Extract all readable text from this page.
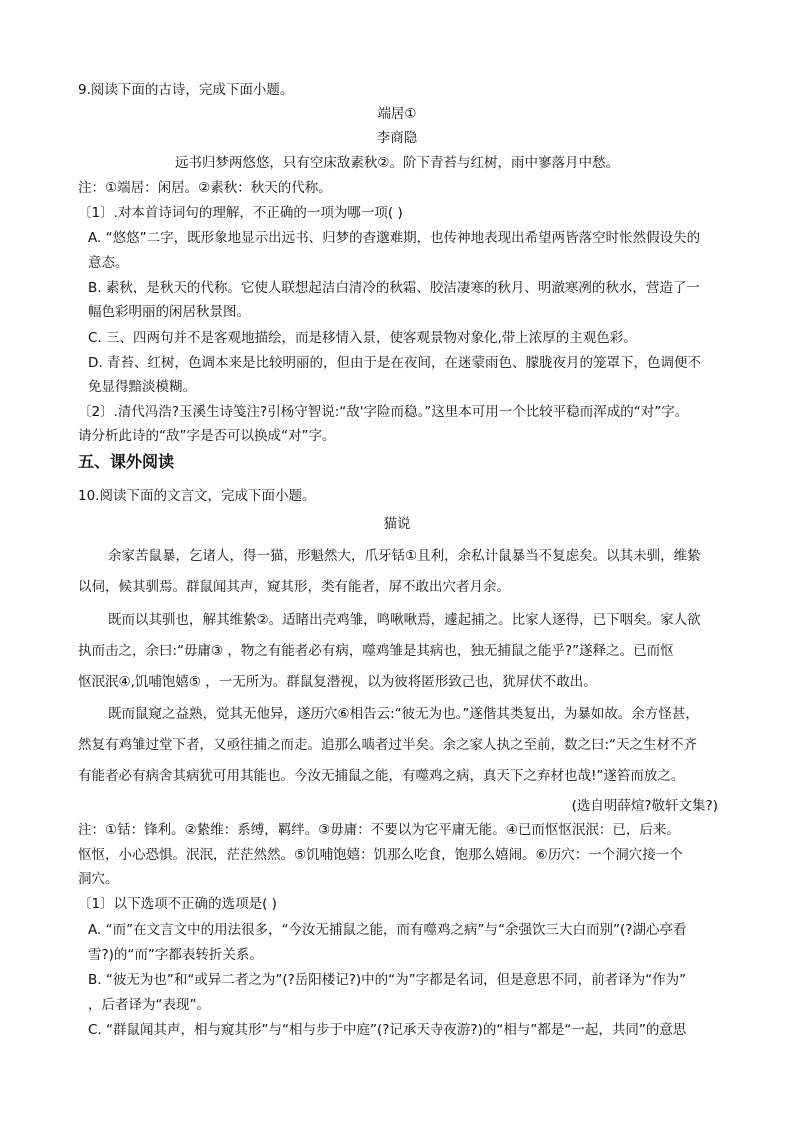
9.阅读下面的古诗，完成下面小题。
端居①
李商隐
远书归梦两悠悠，只有空床敌素秋②。阶下青苔与红树，雨中寥落月中愁。
注：①端居：闲居。②素秋：秋天的代称。
〔1〕.对本首诗词句的理解，不正确的一项为哪一项( )
A. “悠悠”二字，既形象地显示出远书、归梦的杳邈难期，也传神地表现出希望两皆落空时怅然假设失的
意态。
B. 素秋，是秋天的代称。它使人联想起洁白清冷的秋霜、胶洁凄寒的秋月、明澈寒冽的秋水，营造了一
幅色彩明丽的闲居秋景图。
C. 三、四两句并不是客观地描绘，而是移情入景，使客观景物对象化,带上浓厚的主观色彩。
D. 青苔、红树，色调本来是比较明丽的，但由于是在夜间，在迷蒙雨色、朦胧夜月的笼罩下，色调便不
免显得黯淡模糊。
〔2〕.清代冯浩?玉溪生诗笺注?引杨守智说:“敌'字险而稳。”这里本可用一个比较平稳而浑成的“对”字。
请分析此诗的“敌”字是否可以换成“对”字。
五、课外阅读
10.阅读下面的文言文，完成下面小题。
猫说
余家苦鼠暴，乞诸人，得一猫，形魁然大，爪牙铦①且利，余私计鼠暴当不复虑矣。以其未驯，维絷
以伺，候其驯焉。群鼠闻其声，窥其形，类有能者，屏不敢出穴者月余。
既而以其驯也，解其维絷②。适睹出壳鸡雏，鸣啾啾焉，遽起捕之。比家人逐得，已下咽矣。家人欲
执而击之，余曰:“毋庸③ ，物之有能者必有病，噬鸡雏是其病也，独无捕鼠之能乎?”遂释之。已而怄
怄泯泯④,饥哺饱嬉⑤ ，一无所为。群鼠复潜视，以为彼将匿形致己也，犹屏伏不敢出。
既而鼠窥之益熟，觉其无他异，遂历穴⑥相告云:“彼无为也。”遂偕其类复出，为暴如故。余方怪甚，
然复有鸡雏过堂下者，又亟往捕之而走。追那么啮者过半矣。余之家人执之至前，数之曰:“天之生材不齐
有能者必有病舍其病犹可用其能也。今汝无捕鼠之能，有噬鸡之病，真天下之弃材也哉!”遂笞而放之。
(选自明薛煊?敬轩文集?)
注：①铦：锋利。②絷维：系缚，羁绊。③毋庸：不要以为它平庸无能。④已而怄怄泯泯：已，后来。
怄怄，小心恐惧。泯泯，茫茫然然。⑤饥哺饱嬉：饥那么吃食，饱那么嬉闹。⑥历穴：一个洞穴接一个
洞穴。
〔1〕以下选项不正确的选项是( )
A. “而”在文言文中的用法很多，“今汝无捕鼠之能，而有噬鸡之病”与“余强饮三大白而别”(?湖心亭看
雪?)的“而”字都表转折关系。
B. “彼无为也”和“或异二者之为”(?岳阳楼记?)中的“为”字都是名词，但是意思不同，前者译为“作为”
，后者译为“表现”。
C. “群鼠闻其声，相与窥其形”与“相与步于中庭”(?记承天寺夜游?)的“相与”都是“一起，共同”的意思
